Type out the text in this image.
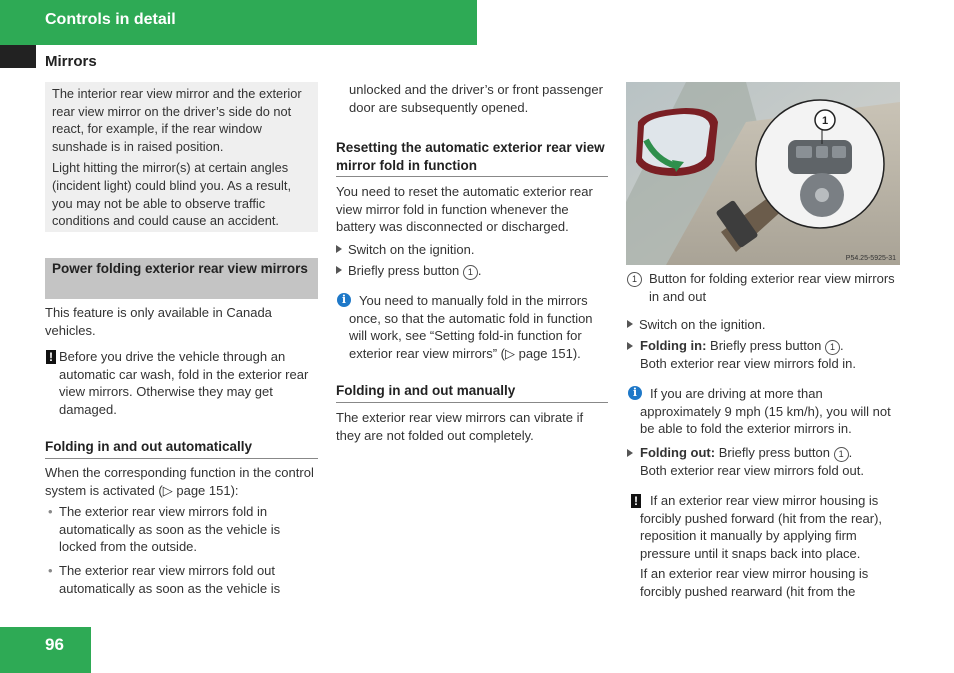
Controls in detail
Mirrors

The interior rear view mirror and the exterior rear view mirror on the driver’s side do not react, for example, if the rear window sunshade is in raised position.

Light hitting the mirror(s) at certain angles (incident light) could blind you. As a result, you may not be able to observe traffic conditions and could cause an accident.

Power folding exterior rear view mirrors

This feature is only available in Canada vehicles.

! Before you drive the vehicle through an automatic car wash, fold in the exterior rear view mirrors. Otherwise they may get damaged.

Folding in and out automatically

When the corresponding function in the control system is activated (▷ page 151):

• The exterior rear view mirrors fold in automatically as soon as the vehicle is locked from the outside.

• The exterior rear view mirrors fold out automatically as soon as the vehicle is

unlocked and the driver’s or front passenger door are subsequently opened.

Resetting the automatic exterior rear view mirror fold in function

You need to reset the automatic exterior rear view mirror fold in function whenever the battery was disconnected or discharged.

Switch on the ignition.

Briefly press button 1 .

i You need to manually fold in the mirrors once, so that the automatic fold in function will work, see “Setting fold-in function for exterior rear view mirrors” (▷ page 151).

Folding in and out manually

The exterior rear view mirrors can vibrate if they are not folded out completely.

1
P54.25-5925-31
1 Button for folding exterior rear view mirrors in and out

Switch on the ignition.

Folding in: Briefly press button 1 .

Both exterior rear view mirrors fold in.

i If you are driving at more than approximately 9 mph (15 km/h), you will not be able to fold the exterior mirrors in.

Folding out: Briefly press button 1 .

Both exterior rear view mirrors fold out.

! If an exterior rear view mirror housing is forcibly pushed forward (hit from the rear), reposition it manually by applying firm pressure until it snaps back into place.

If an exterior rear view mirror housing is forcibly pushed rearward (hit from the

96
